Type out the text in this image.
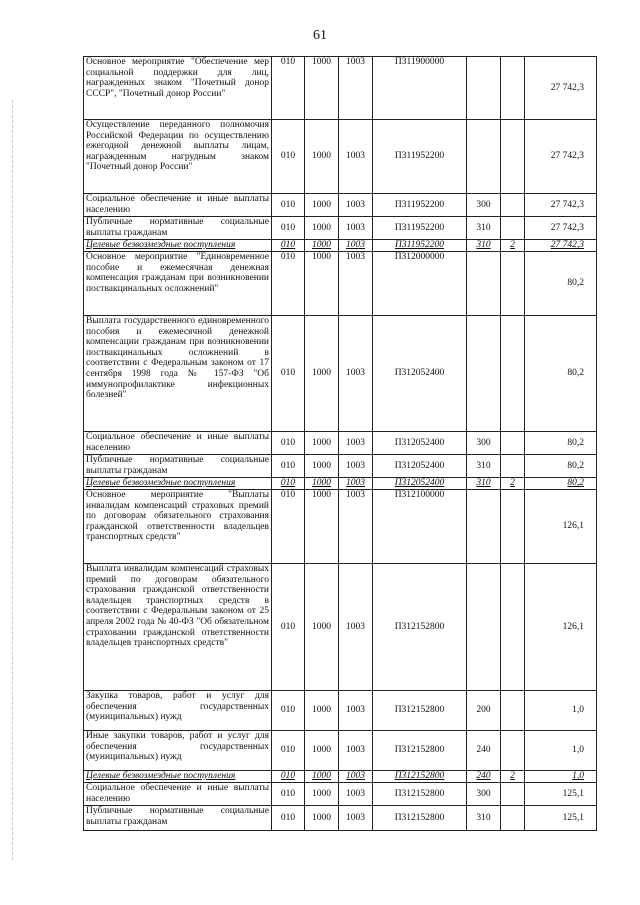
61
Основное мероприятие "Обеспечение мер социальной поддержки для лиц, награжденных знаком "Почетный донор СССР", "Почетный донор России"	010	1000	1003	П311900000			27 742,3
Осуществление переданного полномочия Российской Федерации по осуществлению ежегодной денежной выплаты лицам, награжденным нагрудным знаком "Почетный донор России"	010	1000	1003	П311952200			27 742,3
Социальное обеспечение и иные выплаты населению	010	1000	1003	П311952200	300		27 742,3
Публичные нормативные социальные выплаты гражданам	010	1000	1003	П311952200	310		27 742,3
Целевые безвозмездные поступления	010	1000	1003	П311952200	310	2	27 742,3
Основное мероприятие "Единовременное пособие и ежемесячная денежная компенсация гражданам при возникновении поствакцинальных осложнений"	010	1000	1003	П312000000			80,2
Выплата государственного единовременного пособия и ежемесячной денежной компенсации гражданам при возникновении поствакцинальных осложнений в соответствии с Федеральным законом от 17 сентября 1998 года № 157-ФЗ "Об иммунопрофилактике инфекционных болезней"	010	1000	1003	П312052400			80,2
Социальное обеспечение и иные выплаты населению	010	1000	1003	П312052400	300		80,2
Публичные нормативные социальные выплаты гражданам	010	1000	1003	П312052400	310		80,2
Целевые безвозмездные поступления	010	1000	1003	П312052400	310	2	80,2
Основное мероприятие "Выплаты инвалидам компенсаций страховых премий по договорам обязательного страхования гражданской ответственности владельцев транспортных средств"	010	1000	1003	П312100000			126,1
Выплата инвалидам компенсаций страховых премий по договорам обязательного страхования гражданской ответственности владельцев транспортных средств в соответствии с Федеральным законом от 25 апреля 2002 года № 40-ФЗ "Об обязательном страховании гражданской ответственности владельцев транспортных средств"	010	1000	1003	П312152800			126,1
Закупка товаров, работ и услуг для обеспечения государственных (муниципальных) нужд	010	1000	1003	П312152800	200		1,0
Иные закупки товаров, работ и услуг для обеспечения государственных (муниципальных) нужд	010	1000	1003	П312152800	240		1,0
Целевые безвозмездные поступления	010	1000	1003	П312152800	240	2	1,0
Социальное обеспечение и иные выплаты населению	010	1000	1003	П312152800	300		125,1
Публичные нормативные социальные выплаты гражданам	010	1000	1003	П312152800	310		125,1
